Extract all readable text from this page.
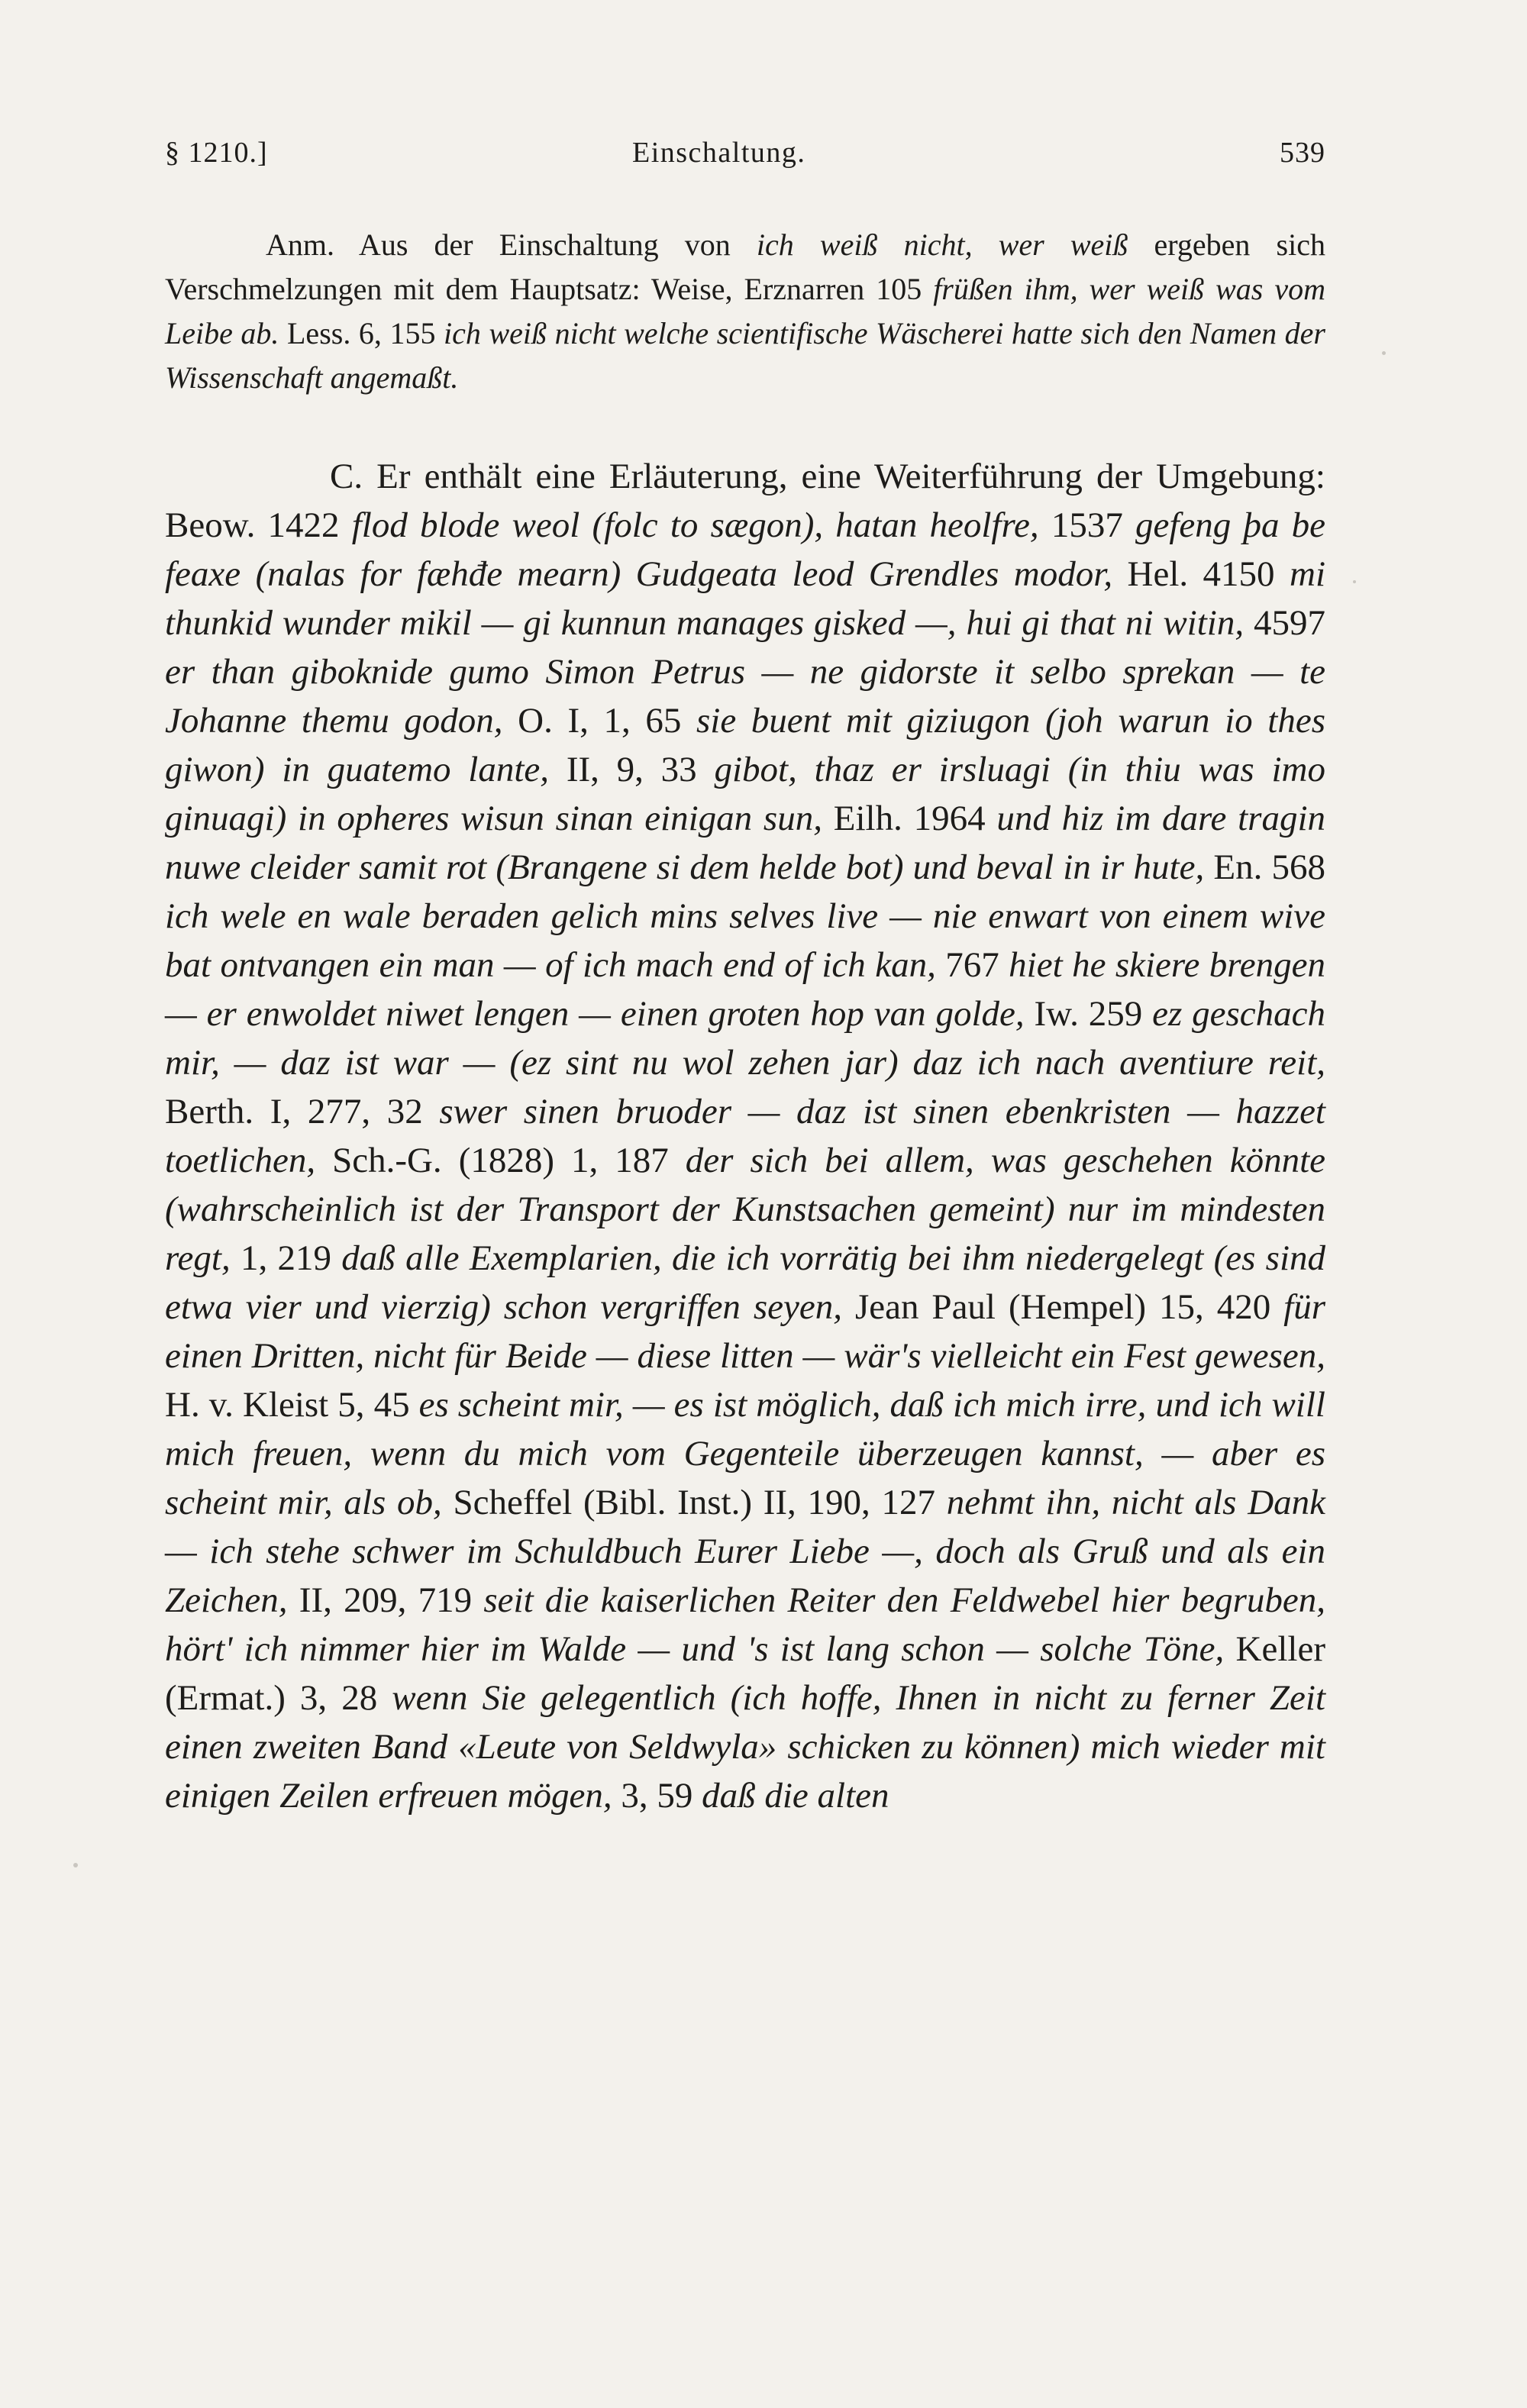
§ 1210.]	Einschaltung.	539

Anm. Aus der Einschaltung von ich weiß nicht, wer weiß ergeben sich Verschmelzungen mit dem Hauptsatz: Weise, Erznarren 105 früßen ihm, wer weiß was vom Leibe ab. Less. 6, 155 ich weiß nicht welche scientifische Wäscherei hatte sich den Namen der Wissenschaft angemaßt.

C. Er enthält eine Erläuterung, eine Weiterführung der Umgebung: Beow. 1422 flod blode weol (folc to sægon), hatan heolfre, 1537 gefeng þa be feaxe (nalas for fæhđe mearn) Gudgeata leod Grendles modor, Hel. 4150 mi thunkid wunder mikil — gi kunnun manages gisked —, hui gi that ni witin, 4597 er than giboknide gumo Simon Petrus — ne gidorste it selbo sprekan — te Johanne themu godon, O. I, 1, 65 sie buent mit giziugon (joh warun io thes giwon) in guatemo lante, II, 9, 33 gibot, thaz er irsluagi (in thiu was imo ginuagi) in opheres wisun sinan einigan sun, Eilh. 1964 und hiz im dare tragin nuwe cleider samit rot (Brangene si dem helde bot) und beval in ir hute, En. 568 ich wele en wale beraden gelich mins selves live — nie enwart von einem wive bat ontvangen ein man — of ich mach end of ich kan, 767 hiet he skiere brengen — er enwoldet niwet lengen — einen groten hop van golde, Iw. 259 ez geschach mir, — daz ist war — (ez sint nu wol zehen jar) daz ich nach aventiure reit, Berth. I, 277, 32 swer sinen bruoder — daz ist sinen ebenkristen — hazzet toetlichen, Sch.-G. (1828) 1, 187 der sich bei allem, was geschehen könnte (wahrscheinlich ist der Transport der Kunstsachen gemeint) nur im mindesten regt, 1, 219 daß alle Exemplarien, die ich vorrätig bei ihm niedergelegt (es sind etwa vier und vierzig) schon vergriffen seyen, Jean Paul (Hempel) 15, 420 für einen Dritten, nicht für Beide — diese litten — wär's vielleicht ein Fest gewesen, H. v. Kleist 5, 45 es scheint mir, — es ist möglich, daß ich mich irre, und ich will mich freuen, wenn du mich vom Gegenteile überzeugen kannst, — aber es scheint mir, als ob, Scheffel (Bibl. Inst.) II, 190, 127 nehmt ihn, nicht als Dank — ich stehe schwer im Schuldbuch Eurer Liebe —, doch als Gruß und als ein Zeichen, II, 209, 719 seit die kaiserlichen Reiter den Feldwebel hier begruben, hört' ich nimmer hier im Walde — und 's ist lang schon — solche Töne, Keller (Ermat.) 3, 28 wenn Sie gelegentlich (ich hoffe, Ihnen in nicht zu ferner Zeit einen zweiten Band «Leute von Seldwyla» schicken zu können) mich wieder mit einigen Zeilen erfreuen mögen, 3, 59 daß die alten
